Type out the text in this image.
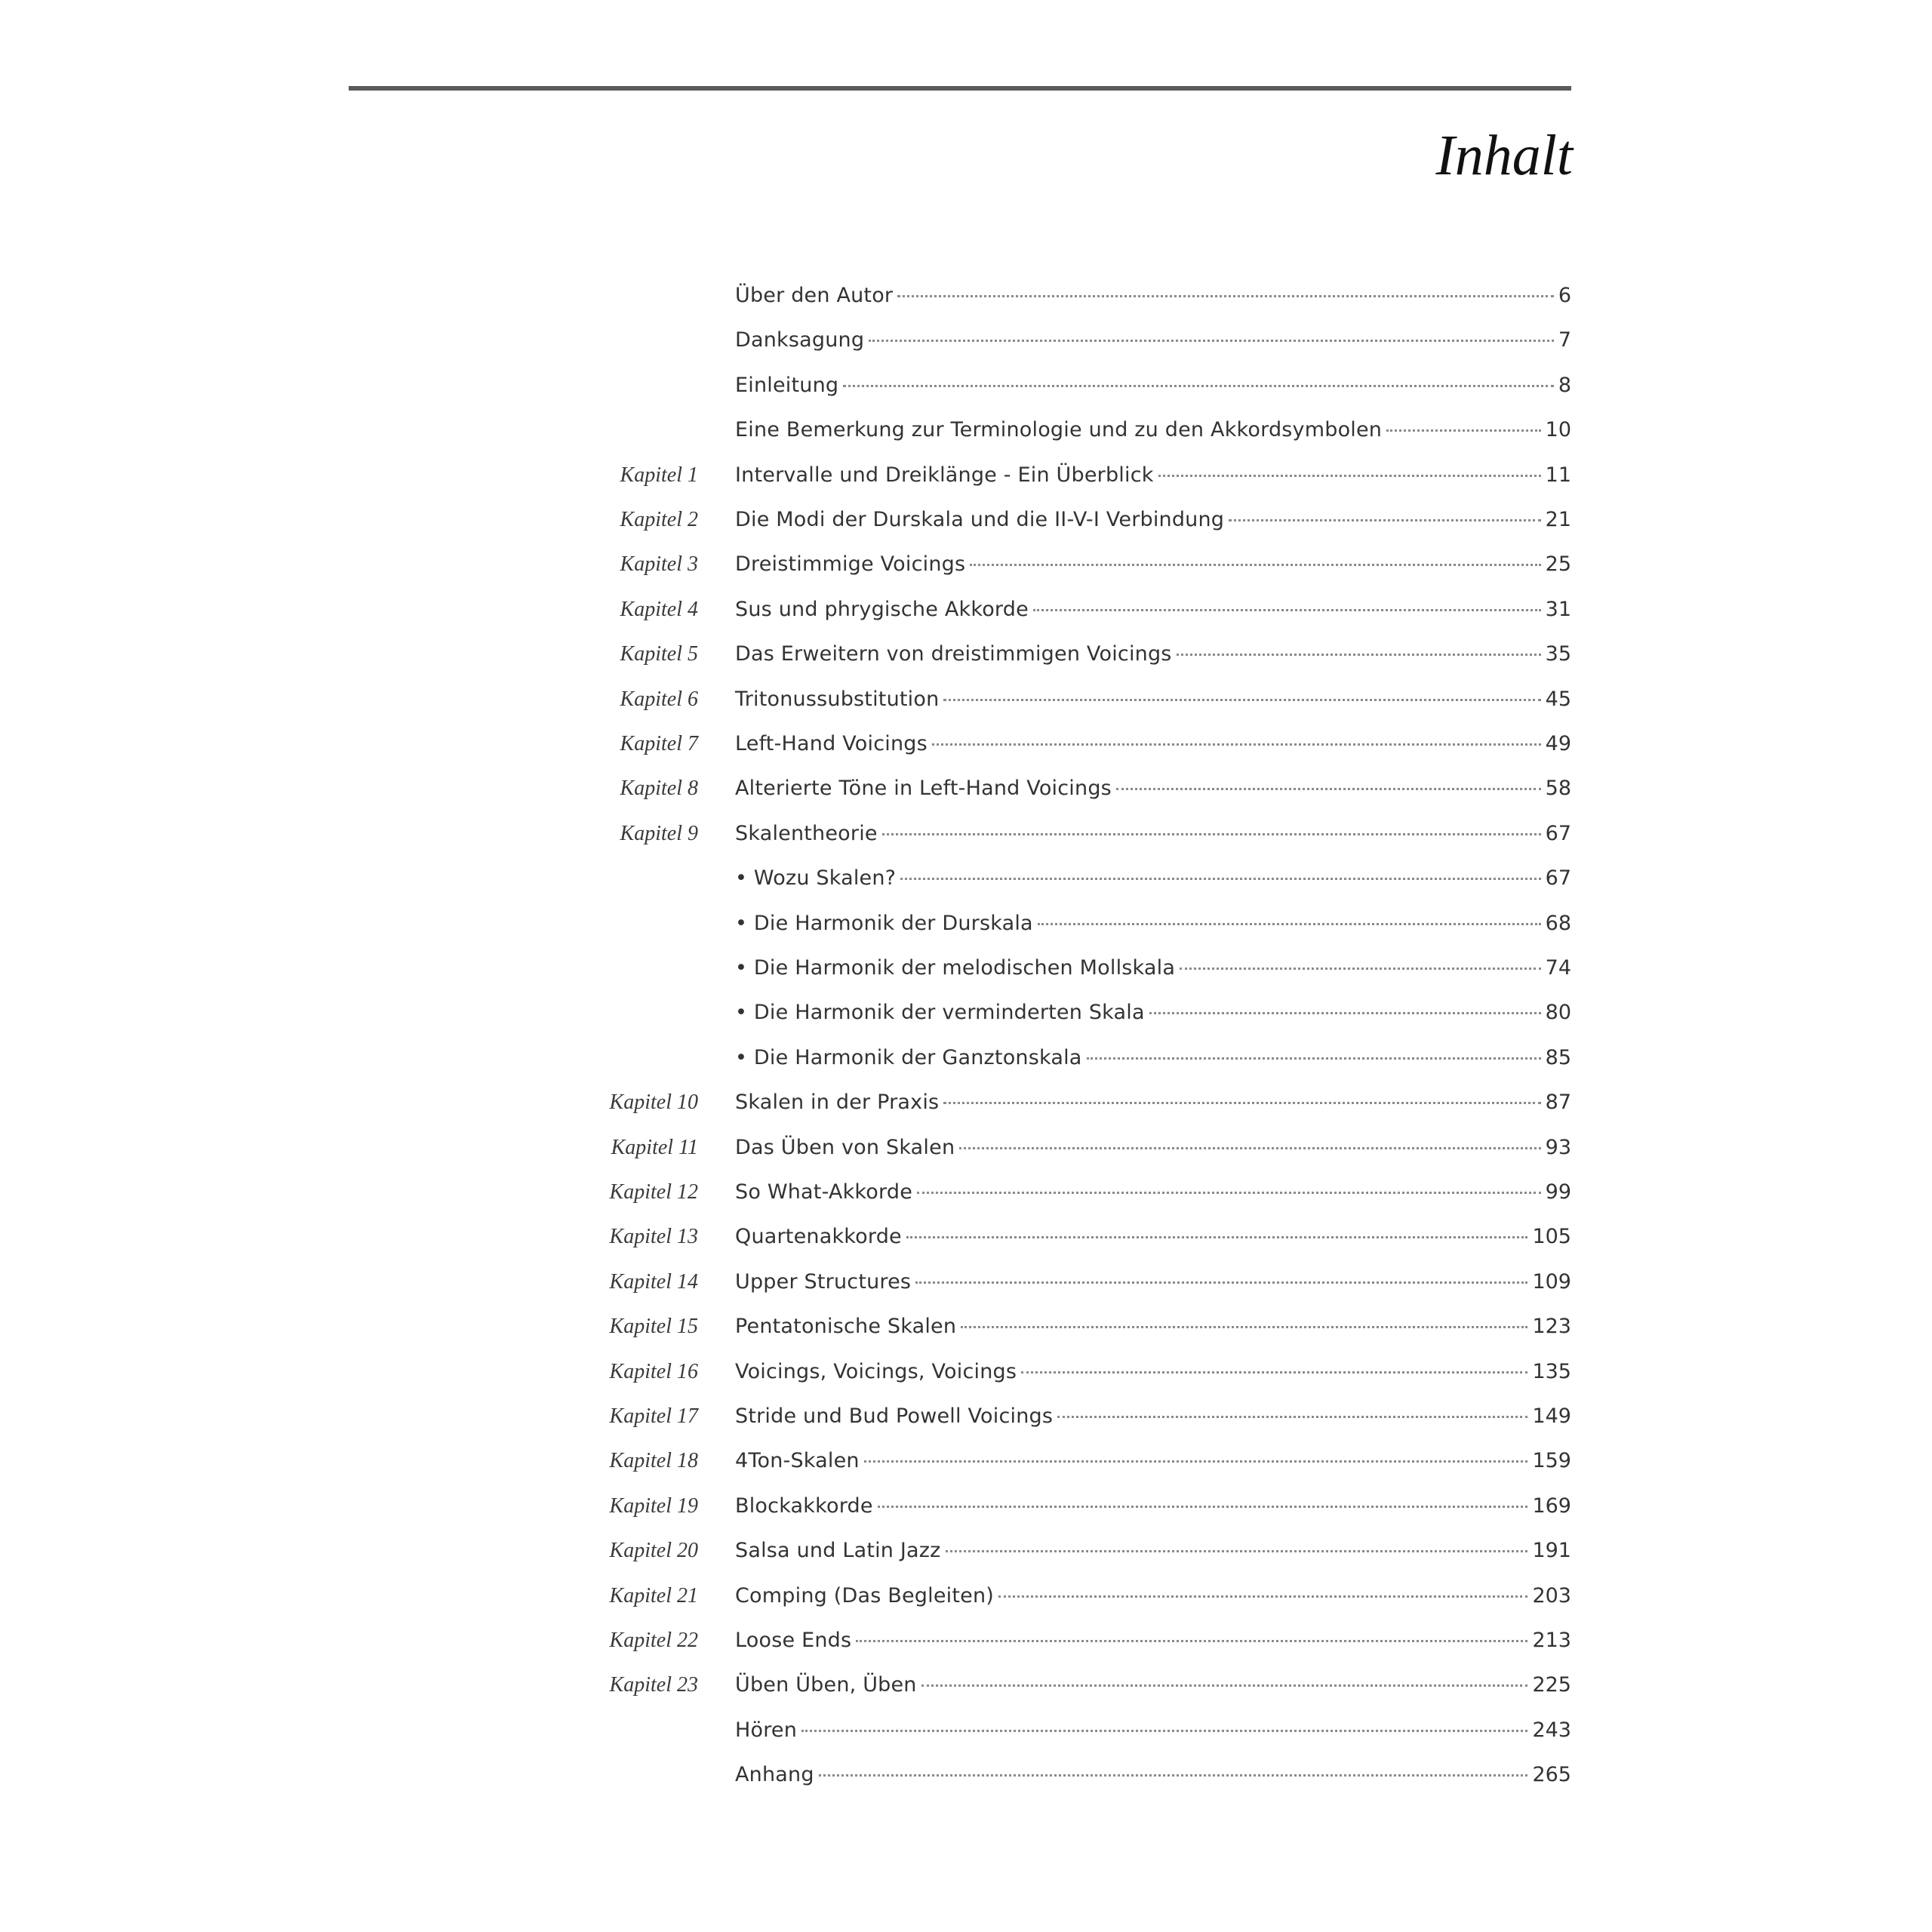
Inhalt
Über den Autor	6
Danksagung	7
Einleitung	8
Eine Bemerkung zur Terminologie und zu den Akkordsymbolen	10
Kapitel 1 Intervalle und Dreiklänge - Ein Überblick	11
Kapitel 2 Die Modi der Durskala und die II-V-I Verbindung	21
Kapitel 3 Dreistimmige Voicings	25
Kapitel 4 Sus und phrygische Akkorde	31
Kapitel 5 Das Erweitern von dreistimmigen Voicings	35
Kapitel 6 Tritonussubstitution	45
Kapitel 7 Left-Hand Voicings	49
Kapitel 8 Alterierte Töne in Left-Hand Voicings	58
Kapitel 9 Skalentheorie	67
• Wozu Skalen?	67
• Die Harmonik der Durskala	68
• Die Harmonik der melodischen Mollskala	74
• Die Harmonik der verminderten Skala	80
• Die Harmonik der Ganztonskala	85
Kapitel 10 Skalen in der Praxis	87
Kapitel 11 Das Üben von Skalen	93
Kapitel 12 So What-Akkorde	99
Kapitel 13 Quartenakkorde	105
Kapitel 14 Upper Structures	109
Kapitel 15 Pentatonische Skalen	123
Kapitel 16 Voicings, Voicings, Voicings	135
Kapitel 17 Stride und Bud Powell Voicings	149
Kapitel 18 4Ton-Skalen	159
Kapitel 19 Blockakkorde	169
Kapitel 20 Salsa und Latin Jazz	191
Kapitel 21 Comping (Das Begleiten)	203
Kapitel 22 Loose Ends	213
Kapitel 23 Üben Üben, Üben	225
Hören	243
Anhang	265
